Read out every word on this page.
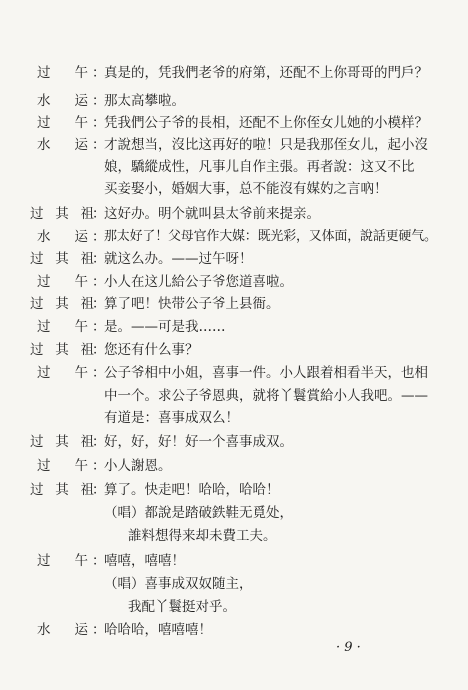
过 午 ：
真是的，凭我們老爷的府第，还配不上你哥哥的門戶？
水 运 ：
那太高攀啦。
过 午 ：
凭我們公子爷的長相，还配不上你侄女儿她的小模样？
水 运 ：
才說想当，沒比这再好的啦！只是我那侄女儿，起小沒
娘，驕縱成性，凡事儿自作主張。再者說：这又不比
买妾娶小，婚姻大事，总不能沒有媒妁之言吶！
过其祖
：
这好办。明个就叫县太爷前来提亲。
水 运 ：
那太好了！父母官作大媒：既光彩，又体面，說話更硬气。
过其祖
：
就这么办。——过午呀！
过 午 ：
小人在这儿給公子爷您道喜啦。
过其祖
：
算了吧！快带公子爷上县衙。
过 午 ：
是。——可是我……
过其祖
：
您还有什么事？
过 午 ：
公子爷相中小姐，喜事一件。小人跟着相看半天，也相
中一个。求公子爷恩典，就将丫鬟賞給小人我吧。——
有道是：喜事成双么！
过其祖
：
好，好，好！好一个喜事成双。
过 午 ：
小人謝恩。
过其祖
：
算了。快走吧！哈哈，哈哈！
（唱）都說是踏破鉄鞋无覓处，
誰料想得来却未費工夫。
过 午 ：
嘻嘻，嘻嘻！
（唱）喜事成双奴随主，
我配丫鬟挺对乎。
水 运 ：
哈哈哈，嘻嘻嘻！
· 9 ·
